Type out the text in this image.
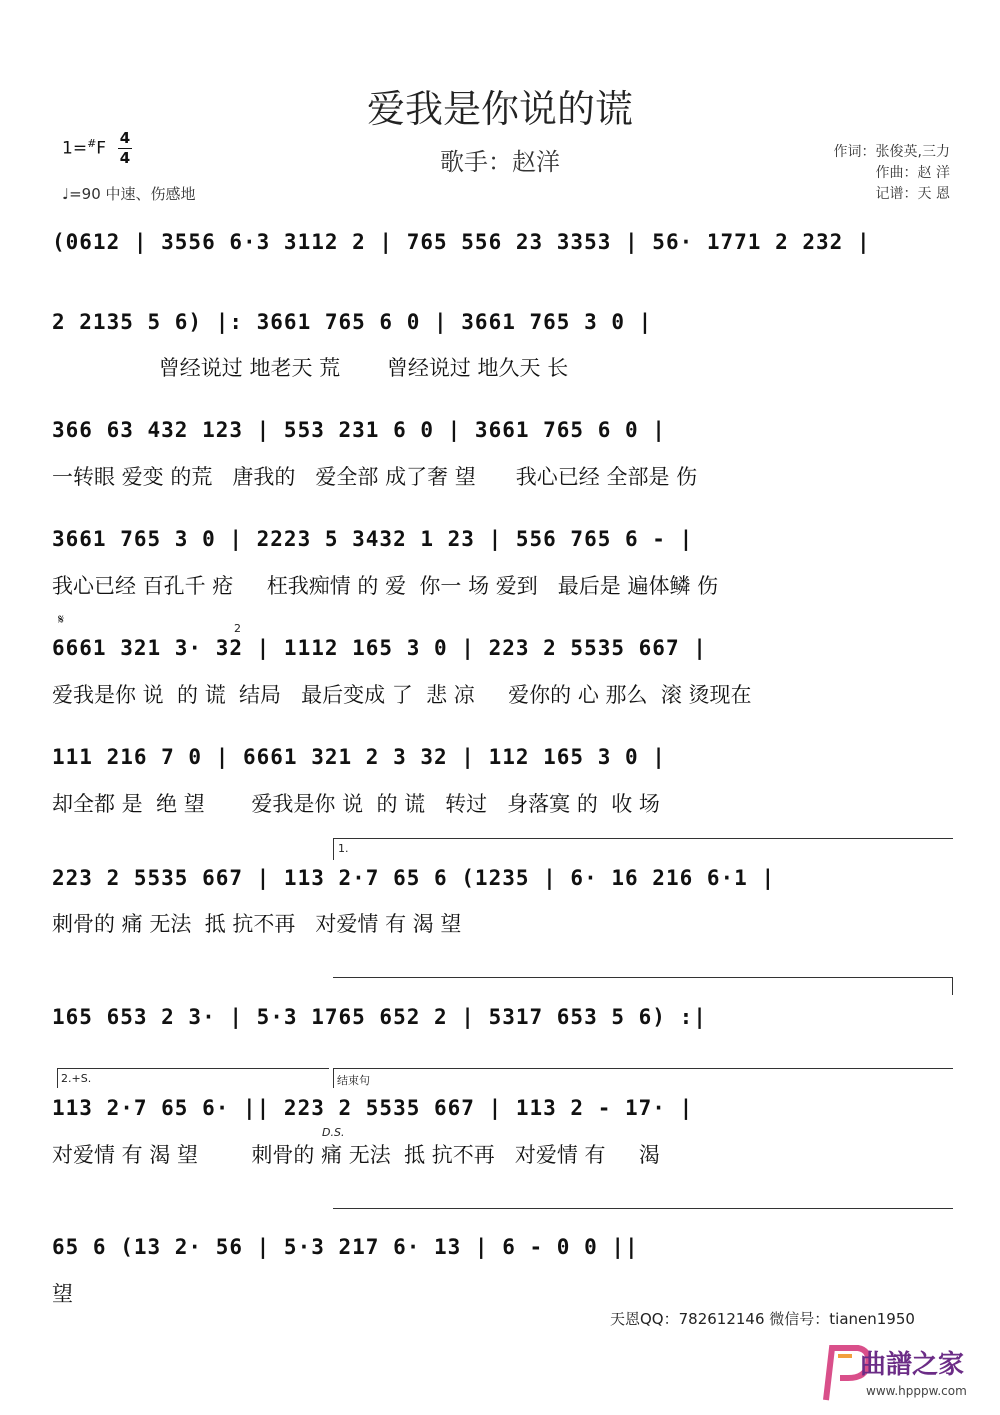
爱我是你说的谎
歌手：赵洋
1=#F
4
4
♩=90 中速、伤感地
作词：张俊英,三力
作曲：赵 洋
记谱：天 恩
(0612 | 3556 6·3 3112 2 | 765 556 23 3353 | 56· 1771 2 232 |
2 2135 5 6) |: 3661 765 6 0 | 3661 765 3 0 |
曾经说过 地老天 荒       曾经说过 地久天 长
366 63 432 123 | 553 231 6 0 | 3661 765 6 0 |
一转眼 爱变 的荒   唐我的   爱全部 成了奢 望      我心已经 全部是 伤
3661 765 3 0 | 2223 5 3432 1 23 | 556 765 6 - |
我心已经 百孔千 疮     枉我痴情 的 爱  你一 场 爱到   最后是 遍体鳞 伤
𝄋
2
6661 321 3· 32 | 1112 165 3 0 | 223 2 5535 667 |
爱我是你 说  的 谎  结局   最后变成 了  悲 凉     爱你的 心 那么  滚 烫现在
111 216 7 0 | 6661 321 2 3 32 | 112 165 3 0 |
却全都 是  绝 望       爱我是你 说  的 谎   转过   身落寞 的  收 场
1.
223 2 5535 667 | 113 2·7 65 6 (1235 | 6· 16 216 6·1 |
刺骨的 痛 无法  抵 抗不再   对爱情 有 渴 望
165 653 2 3· | 5·3 1765 652 2 | 5317 653 5 6) :|
2.+S.	结束句
113 2·7 65 6· || 223 2 5535 667 | 113 2 - 17· |
D.S.
对爱情 有 渴 望        刺骨的 痛 无法  抵 抗不再   对爱情 有     渴
65 6 (13 2· 56 | 5·3 217 6· 13 | 6 - 0 0 ||
望
天恩QQ：782612146 微信号：tianen1950
曲譜之家
www.hpppw.com
